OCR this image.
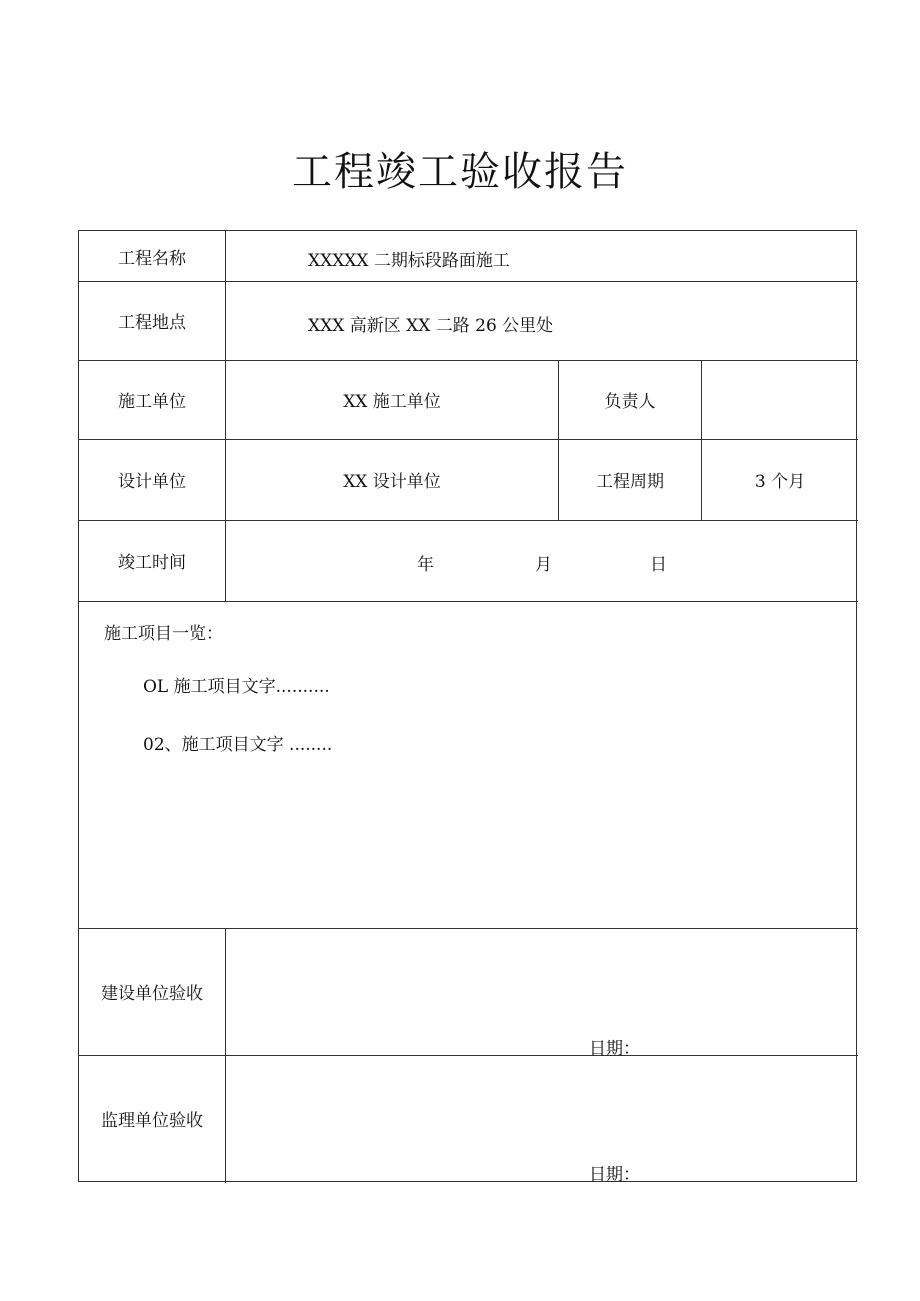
工程竣工验收报告
工程名称	XXXXX 二期标段路面施工
工程地点	XXX 高新区 XX 二路 26 公里处
施工单位	XX 施工单位	负责人
设计单位	XX 设计单位	工程周期	3 个月
竣工时间	年	月	日
施工项目一览：
OL 施工项目文字..........
02、施工项目文字 ........
建设单位验收
日期：
监理单位验收
日期：
